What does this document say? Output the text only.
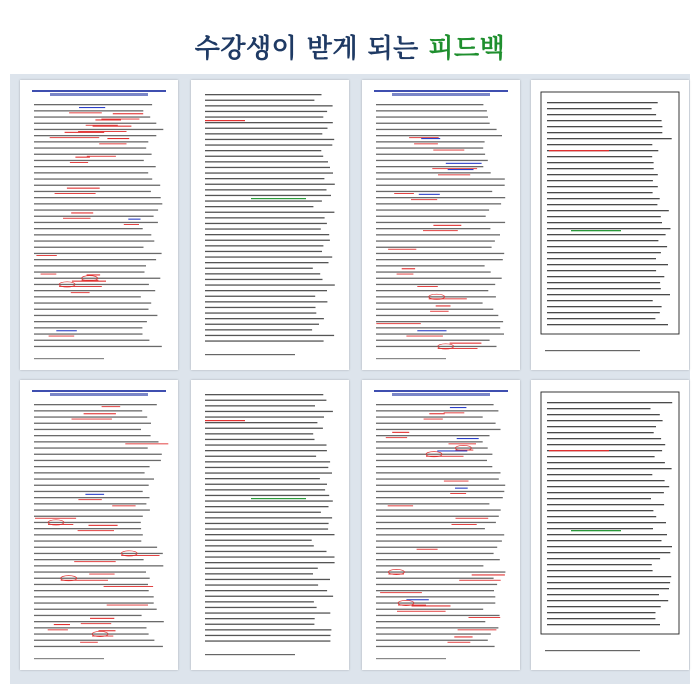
수강생이 받게 되는 피드백
